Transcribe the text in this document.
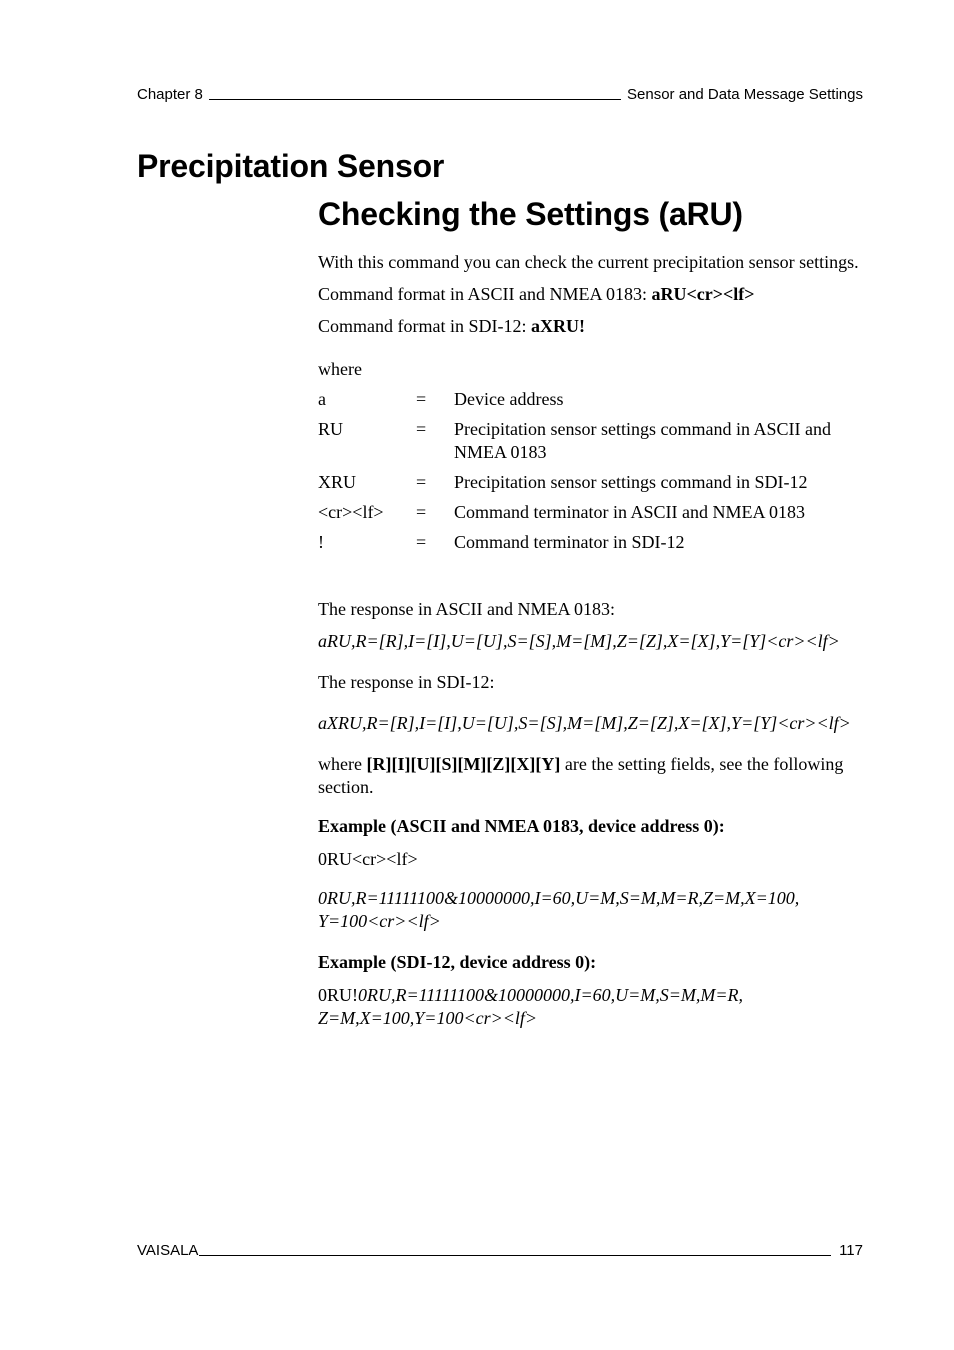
Chapter 8	Sensor and Data Message Settings
Precipitation Sensor
Checking the Settings (aRU)

With this command you can check the current precipitation sensor settings.

Command format in ASCII and NMEA 0183: aRU<cr><lf>

Command format in SDI-12: aXRU!

where

a	=	Device address
RU	=	Precipitation sensor settings command in ASCII and NMEA 0183
XRU	=	Precipitation sensor settings command in SDI-12
<cr><lf>	=	Command terminator in ASCII and NMEA 0183
!	=	Command terminator in SDI-12

The response in ASCII and NMEA 0183:

aRU,R=[R],I=[I],U=[U],S=[S],M=[M],Z=[Z],X=[X],Y=[Y]<cr><lf>

The response in SDI-12:

aXRU,R=[R],I=[I],U=[U],S=[S],M=[M],Z=[Z],X=[X],Y=[Y]<cr><lf>

where [R][I][U][S][M][Z][X][Y] are the setting fields, see the following section.

Example (ASCII and NMEA 0183, device address 0):

0RU<cr><lf>

0RU,R=11111100&10000000,I=60,U=M,S=M,M=R,Z=M,X=100, Y=100<cr><lf>

Example (SDI-12, device address 0):

0RU!0RU,R=11111100&10000000,I=60,U=M,S=M,M=R, Z=M,X=100,Y=100<cr><lf>

VAISALA	117
